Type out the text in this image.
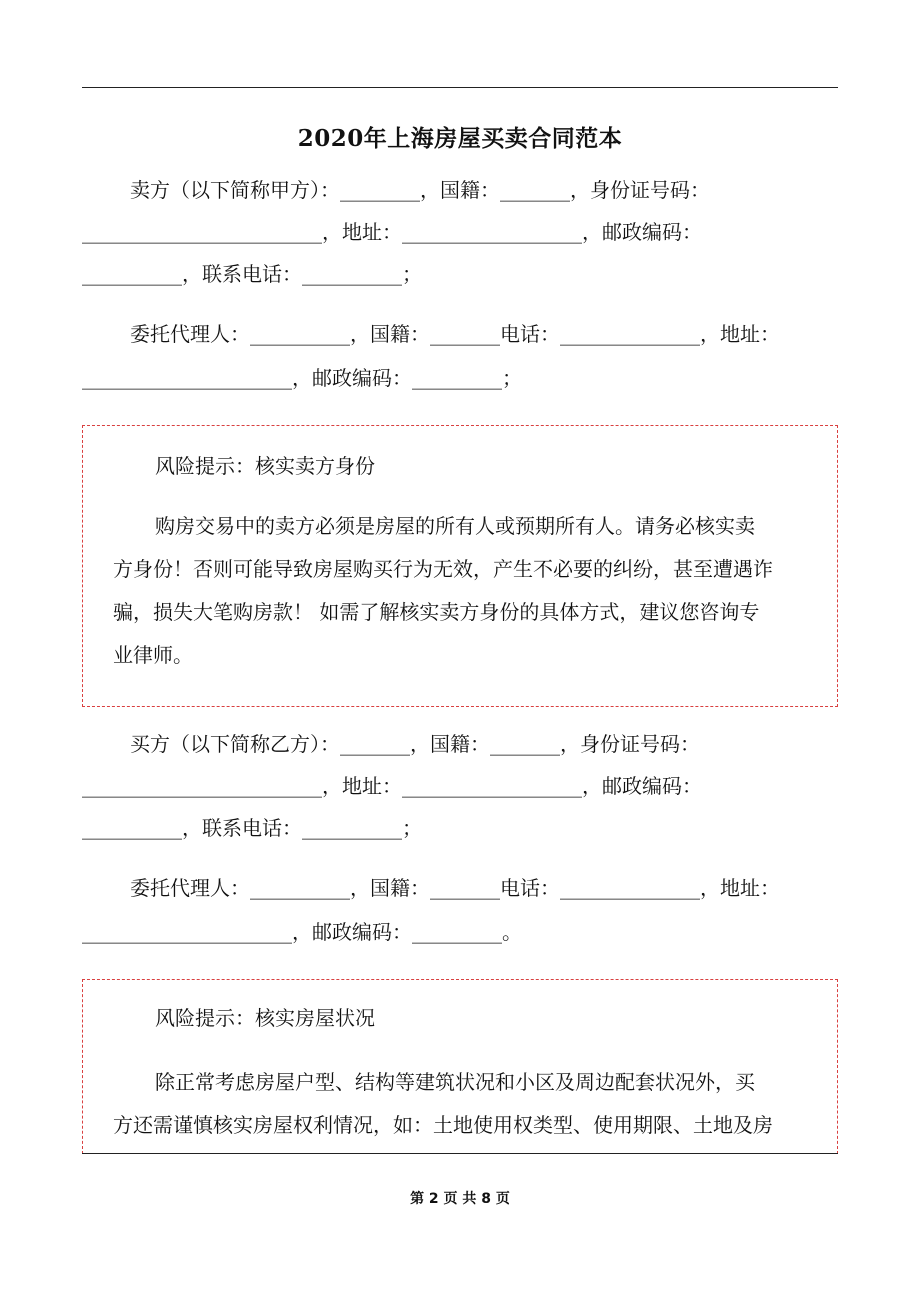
2020年上海房屋买卖合同范本
卖方（以下简称甲方）：________，国籍：_______，身份证号码：
________________________，地址：__________________，邮政编码：
__________，联系电话：__________；
委托代理人：__________，国籍：_______电话：______________，地址：
_____________________，邮政编码：_________；
风险提示：核实卖方身份
购房交易中的卖方必须是房屋的所有人或预期所有人。请务必核实卖
方身份！否则可能导致房屋购买行为无效，产生不必要的纠纷，甚至遭遇诈
骗，损失大笔购房款！ 如需了解核实卖方身份的具体方式，建议您咨询专
业律师。
买方（以下简称乙方）：_______，国籍：_______，身份证号码：
________________________，地址：__________________，邮政编码：
__________，联系电话：__________；
委托代理人：__________，国籍：_______电话：______________，地址：
_____________________，邮政编码：_________。
风险提示：核实房屋状况
除正常考虑房屋户型、结构等建筑状况和小区及周边配套状况外，买
方还需谨慎核实房屋权利情况，如：土地使用权类型、使用期限、土地及房
第 2 页 共 8 页
